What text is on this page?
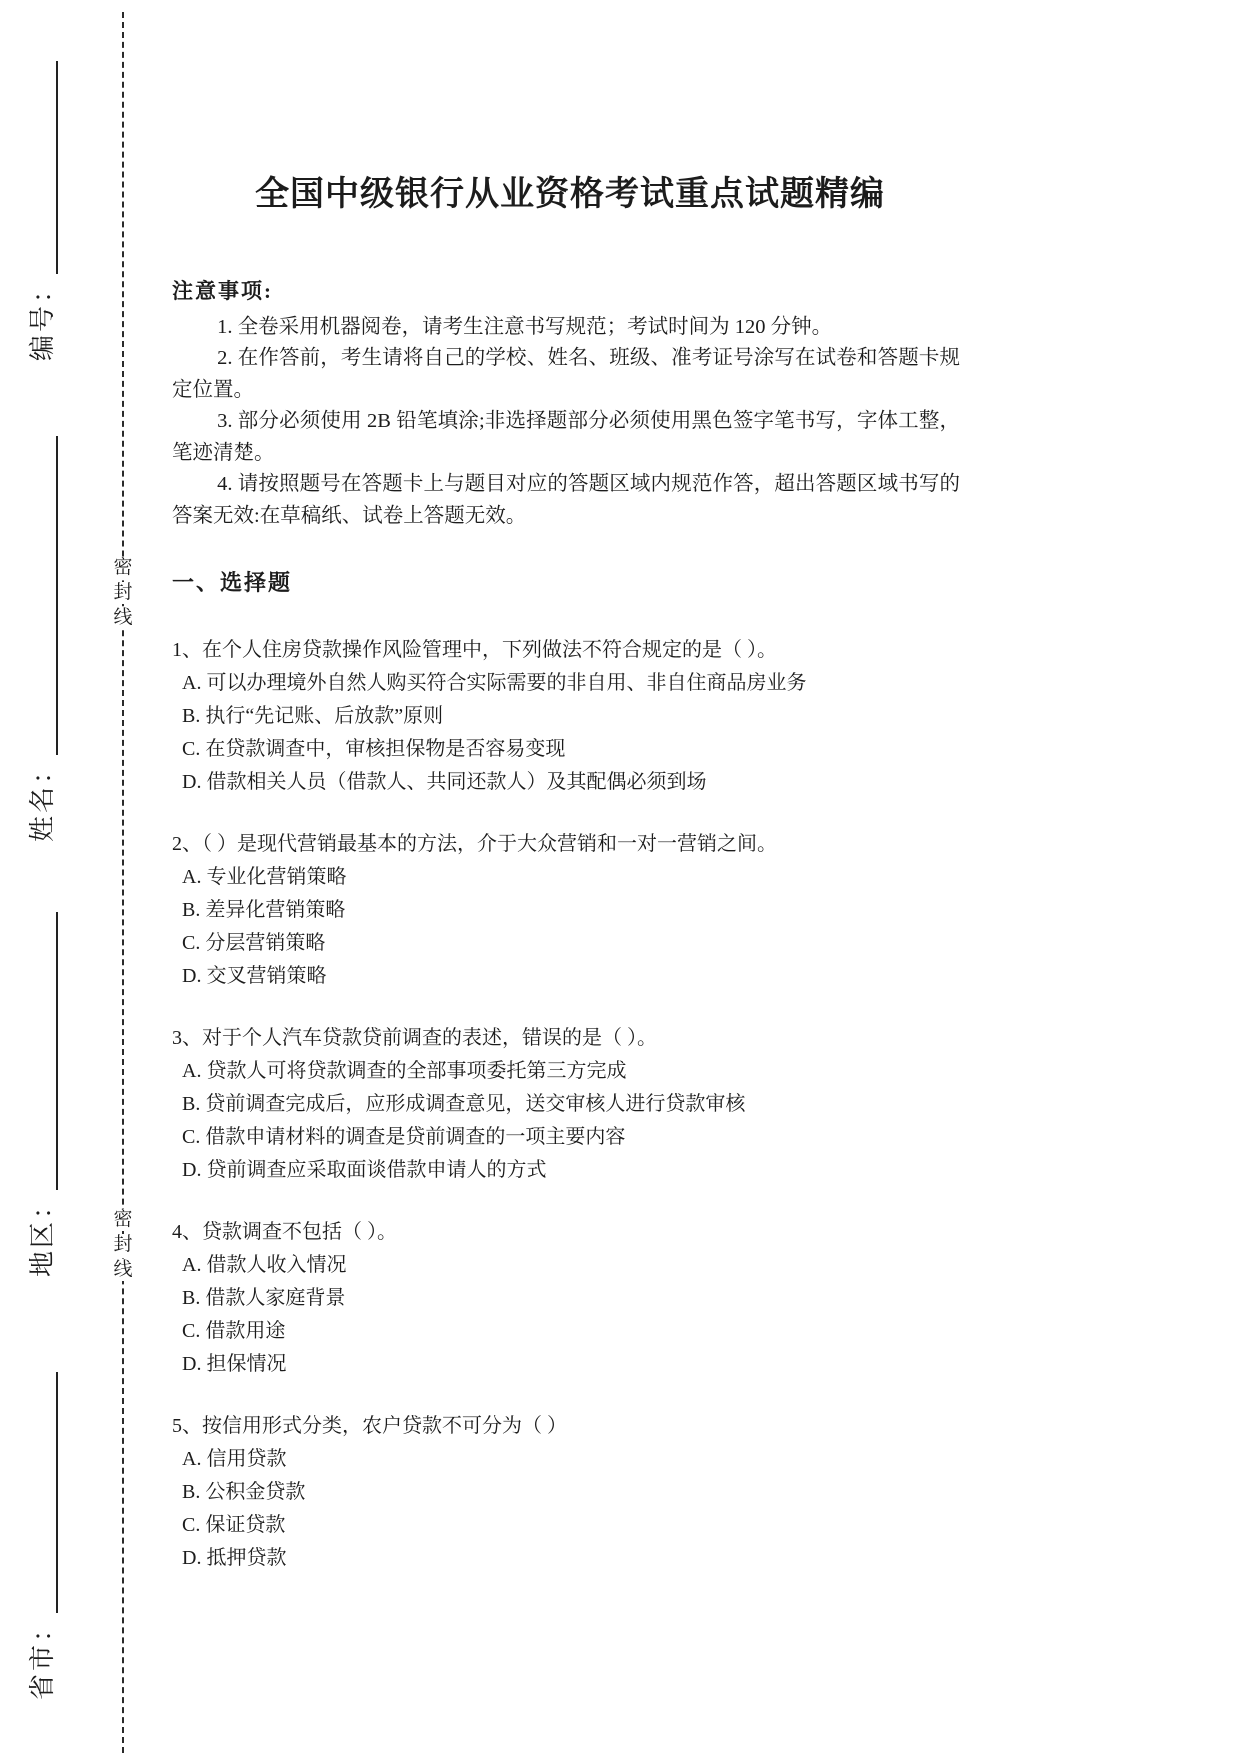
省市：
地区：
姓名：
编号：
密
封
线
密
封
线
全国中级银行从业资格考试重点试题精编
注意事项:

1. 全卷采用机器阅卷，请考生注意书写规范；考试时间为 120 分钟。

2. 在作答前，考生请将自己的学校、姓名、班级、准考证号涂写在试卷和答题卡规定位置。

3. 部分必须使用 2B 铅笔填涂;非选择题部分必须使用黑色签字笔书写，字体工整，笔迹清楚。

4. 请按照题号在答题卡上与题目对应的答题区域内规范作答，超出答题区域书写的答案无效:在草稿纸、试卷上答题无效。

一、选择题
1、在个人住房贷款操作风险管理中，下列做法不符合规定的是（ ）。
A. 可以办理境外自然人购买符合实际需要的非自用、非自住商品房业务
B. 执行“先记账、后放款”原则
C. 在贷款调查中，审核担保物是否容易变现
D. 借款相关人员（借款人、共同还款人）及其配偶必须到场
2、（ ）是现代营销最基本的方法，介于大众营销和一对一营销之间。
A. 专业化营销策略
B. 差异化营销策略
C. 分层营销策略
D. 交叉营销策略
3、对于个人汽车贷款贷前调查的表述，错误的是（ ）。
A. 贷款人可将贷款调查的全部事项委托第三方完成
B. 贷前调查完成后，应形成调查意见，送交审核人进行贷款审核
C. 借款申请材料的调查是贷前调查的一项主要内容
D. 贷前调查应采取面谈借款申请人的方式
4、贷款调查不包括（ ）。
A. 借款人收入情况
B. 借款人家庭背景
C. 借款用途
D. 担保情况
5、按信用形式分类，农户贷款不可分为（ ）
A. 信用贷款
B. 公积金贷款
C. 保证贷款
D. 抵押贷款
